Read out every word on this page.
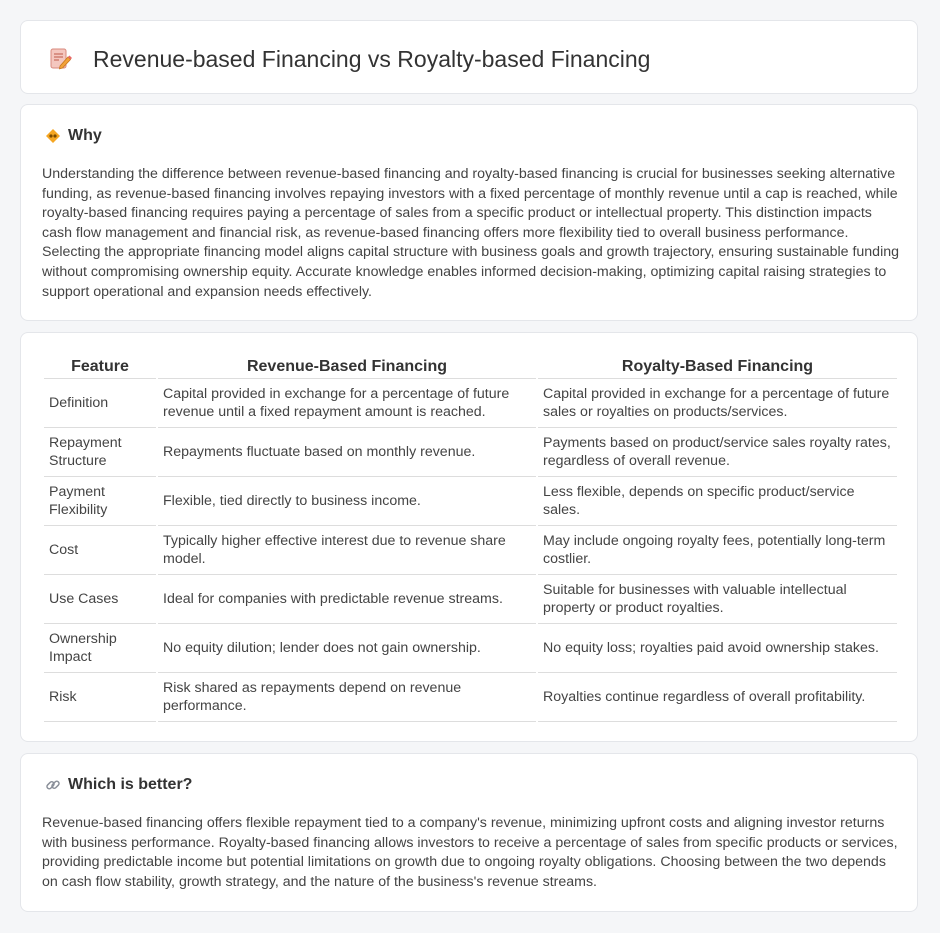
Revenue-based Financing vs Royalty-based Financing
Why

Understanding the difference between revenue-based financing and royalty-based financing is crucial for businesses seeking alternative funding, as revenue-based financing involves repaying investors with a fixed percentage of monthly revenue until a cap is reached, while royalty-based financing requires paying a percentage of sales from a specific product or intellectual property. This distinction impacts cash flow management and financial risk, as revenue-based financing offers more flexibility tied to overall business performance. Selecting the appropriate financing model aligns capital structure with business goals and growth trajectory, ensuring sustainable funding without compromising ownership equity. Accurate knowledge enables informed decision-making, optimizing capital raising strategies to support operational and expansion needs effectively.

Feature	Revenue-Based Financing	Royalty-Based Financing
Definition	Capital provided in exchange for a percentage of future revenue until a fixed repayment amount is reached.	Capital provided in exchange for a percentage of future sales or royalties on products/services.
Repayment Structure	Repayments fluctuate based on monthly revenue.	Payments based on product/service sales royalty rates, regardless of overall revenue.
Payment Flexibility	Flexible, tied directly to business income.	Less flexible, depends on specific product/service sales.
Cost	Typically higher effective interest due to revenue share model.	May include ongoing royalty fees, potentially long-term costlier.
Use Cases	Ideal for companies with predictable revenue streams.	Suitable for businesses with valuable intellectual property or product royalties.
Ownership Impact	No equity dilution; lender does not gain ownership.	No equity loss; royalties paid avoid ownership stakes.
Risk	Risk shared as repayments depend on revenue performance.	Royalties continue regardless of overall profitability.
Which is better?

Revenue-based financing offers flexible repayment tied to a company's revenue, minimizing upfront costs and aligning investor returns with business performance. Royalty-based financing allows investors to receive a percentage of sales from specific products or services, providing predictable income but potential limitations on growth due to ongoing royalty obligations. Choosing between the two depends on cash flow stability, growth strategy, and the nature of the business's revenue streams.
